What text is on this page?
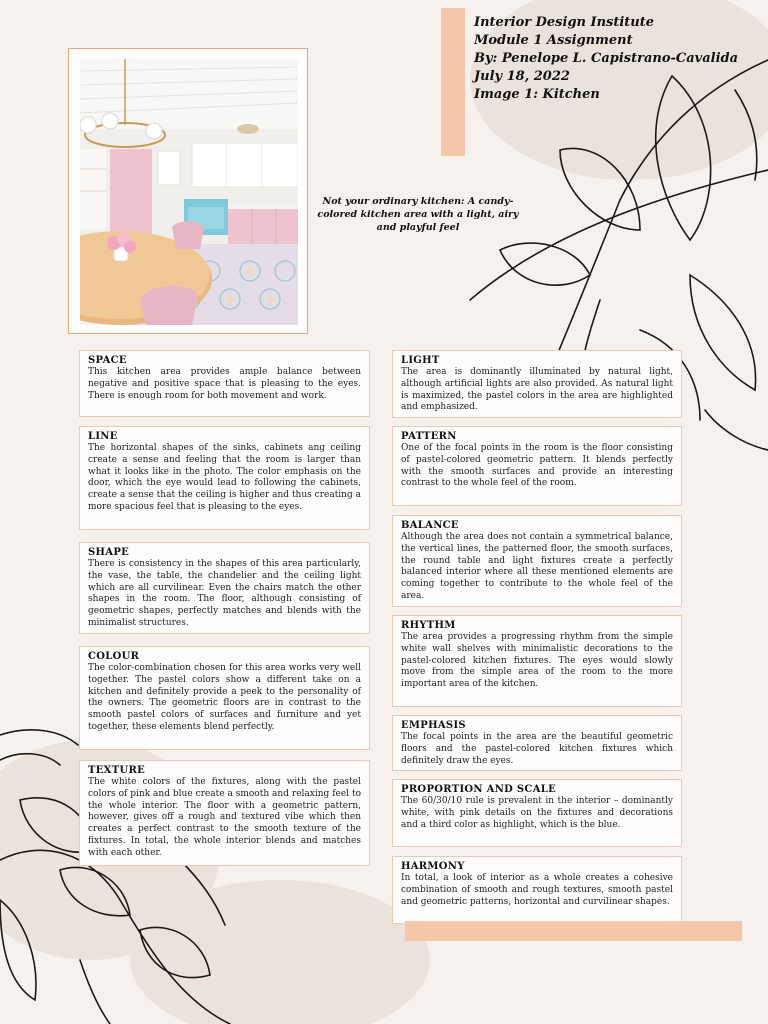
Interior Design Institute
Module 1 Assignment
By: Penelope L. Capistrano-Cavalida
July 18, 2022
Image 1: Kitchen
Not your ordinary kitchen: A candy-colored kitchen area with a light, airy and playful feel
SPACE

This kitchen area provides ample balance between negative and positive space that is pleasing to the eyes. There is enough room for both movement and work.

LINE

The horizontal shapes of the sinks, cabinets ang ceiling create a sense and feeling that the room is larger than what it looks like in the photo. The color emphasis on the door, which the eye would lead to following the cabinets, create a sense that the ceiling is higher and thus creating a more spacious feel that is pleasing to the eyes.

SHAPE

There is consistency in the shapes of this area particularly, the vase, the table, the chandelier and the ceiling light which are all curvilinear. Even the chairs match the other shapes in the room. The floor, although consisting of geometric shapes, perfectly matches and blends with the minimalist structures.

COLOUR

The color-combination chosen for this area works very well together. The pastel colors show a different take on a kitchen and definitely provide a peek to the personality of the owners. The geometric floors are in contrast to the smooth pastel colors of surfaces and furniture and yet together, these elements blend perfectly.

TEXTURE

The white colors of the fixtures, along with the pastel colors of pink and blue create a smooth and relaxing feel to the whole interior. The floor with a geometric pattern, however, gives off a rough and textured vibe which then creates a perfect contrast to the smooth texture of the fixtures. In total, the whole interior blends and matches with each other.

LIGHT

The area is dominantly illuminated by natural light, although artificial lights are also provided. As natural light is maximized, the pastel colors in the area are highlighted and emphasized.

PATTERN

One of the focal points in the room is the floor consisting of pastel-colored geometric pattern. It blends perfectly with the smooth surfaces and provide an interesting contrast to the whole feel of the room.

BALANCE

Although the area does not contain a symmetrical balance, the vertical lines, the patterned floor, the smooth surfaces, the round table and light fixtures create a perfectly balanced interior where all these mentioned elements are coming together to contribute to the whole feel of the area.

RHYTHM

The area provides a progressing rhythm from the simple white wall shelves with minimalistic decorations to the pastel-colored kitchen fixtures. The eyes would slowly move from the simple area of the room to the more important area of the kitchen.

EMPHASIS

The focal points in the area are the beautiful geometric floors and the pastel-colored kitchen fixtures which definitely draw the eyes.

PROPORTION AND SCALE

The 60/30/10 rule is prevalent in the interior – dominantly white, with pink details on the fixtures and decorations and a third color as highlight, which is the blue.

HARMONY

In total, a look of interior as a whole creates a cohesive combination of smooth and rough textures, smooth pastel and geometric patterns, horizontal and curvilinear shapes.
